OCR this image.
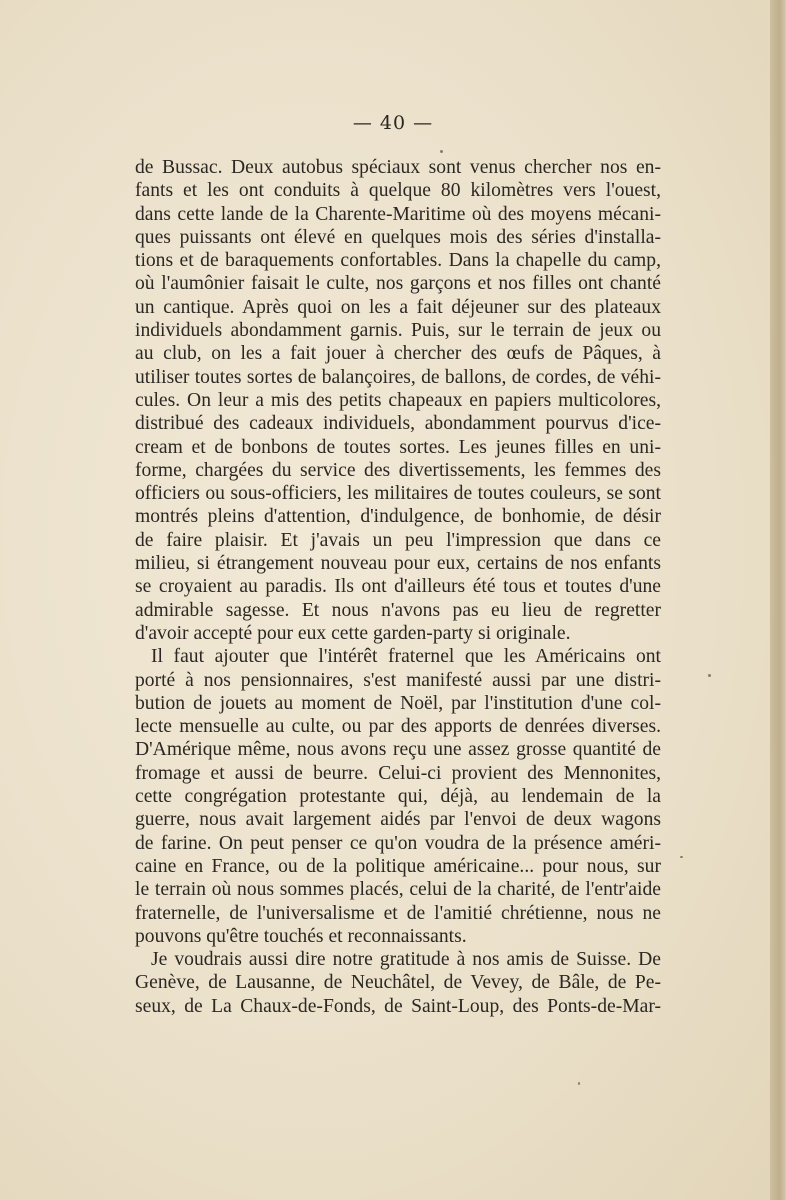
— 40 —
de Bussac. Deux autobus spéciaux sont venus chercher nos en-
fants et les ont conduits à quelque 80 kilomètres vers l'ouest,
dans cette lande de la Charente-Maritime où des moyens mécani-
ques puissants ont élevé en quelques mois des séries d'installa-
tions et de baraquements confortables. Dans la chapelle du camp,
où l'aumônier faisait le culte, nos garçons et nos filles ont chanté
un cantique. Après quoi on les a fait déjeuner sur des plateaux
individuels abondamment garnis. Puis, sur le terrain de jeux ou
au club, on les a fait jouer à chercher des œufs de Pâques, à
utiliser toutes sortes de balançoires, de ballons, de cordes, de véhi-
cules. On leur a mis des petits chapeaux en papiers multicolores,
distribué des cadeaux individuels, abondamment pourvus d'ice-
cream et de bonbons de toutes sortes. Les jeunes filles en uni-
forme, chargées du service des divertissements, les femmes des
officiers ou sous-officiers, les militaires de toutes couleurs, se sont
montrés pleins d'attention, d'indulgence, de bonhomie, de désir
de faire plaisir. Et j'avais un peu l'impression que dans ce
milieu, si étrangement nouveau pour eux, certains de nos enfants
se croyaient au paradis. Ils ont d'ailleurs été tous et toutes d'une
admirable sagesse. Et nous n'avons pas eu lieu de regretter
d'avoir accepté pour eux cette garden-party si originale.
Il faut ajouter que l'intérêt fraternel que les Américains ont
porté à nos pensionnaires, s'est manifesté aussi par une distri-
bution de jouets au moment de Noël, par l'institution d'une col-
lecte mensuelle au culte, ou par des apports de denrées diverses.
D'Amérique même, nous avons reçu une assez grosse quantité de
fromage et aussi de beurre. Celui-ci provient des Mennonites,
cette congrégation protestante qui, déjà, au lendemain de la
guerre, nous avait largement aidés par l'envoi de deux wagons
de farine. On peut penser ce qu'on voudra de la présence améri-
caine en France, ou de la politique américaine... pour nous, sur
le terrain où nous sommes placés, celui de la charité, de l'entr'aide
fraternelle, de l'universalisme et de l'amitié chrétienne, nous ne
pouvons qu'être touchés et reconnaissants.
Je voudrais aussi dire notre gratitude à nos amis de Suisse. De
Genève, de Lausanne, de Neuchâtel, de Vevey, de Bâle, de Pe-
seux, de La Chaux-de-Fonds, de Saint-Loup, des Ponts-de-Mar-
